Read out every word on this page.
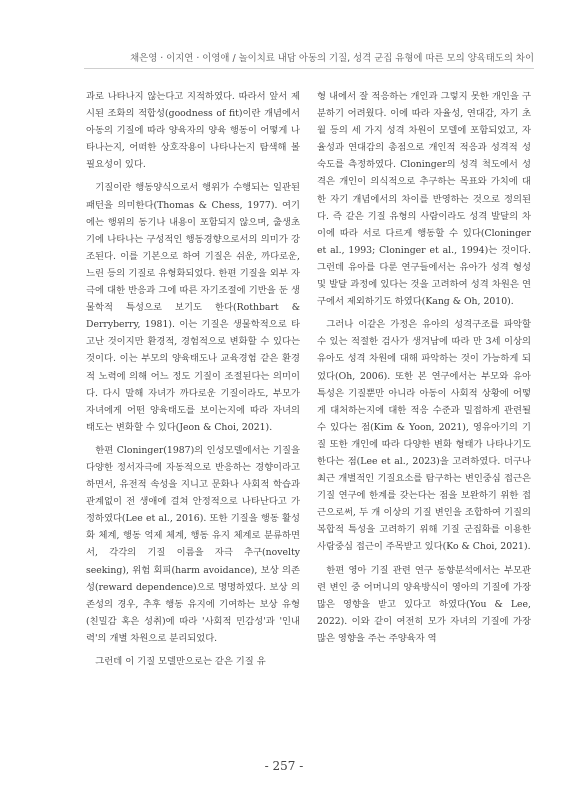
채은영 · 이지연 · 이영애 / 놀이치료 내담 아동의 기질, 성격 군집 유형에 따른 모의 양육태도의 차이

과로 나타나지 않는다고 지적하였다. 따라서 앞서 제시된 조화의 적합성(goodness of fit)이란 개념에서 아동의 기질에 따라 양육자의 양육 행동이 어떻게 나타나는지, 어떠한 상호작용이 나타나는지 탐색해 볼 필요성이 있다.

기질이란 행동양식으로서 행위가 수행되는 일관된 패턴을 의미한다(Thomas & Chess, 1977). 여기에는 행위의 동기나 내용이 포함되지 않으며, 출생초기에 나타나는 구성적인 행동경향으로서의 의미가 강조된다. 이를 기본으로 하여 기질은 쉬운, 까다로운, 느린 등의 기질로 유형화되었다. 한편 기질을 외부 자극에 대한 반응과 그에 따른 자기조절에 기반을 둔 생물학적 특성으로 보기도 한다(Rothbart & Derryberry, 1981). 이는 기질은 생물학적으로 타고난 것이지만 환경적, 경험적으로 변화할 수 있다는 것이다. 이는 부모의 양육태도나 교육경험 같은 환경적 노력에 의해 어느 정도 기질이 조절된다는 의미이다. 다시 말해 자녀가 까다로운 기질이라도, 부모가 자녀에게 어떤 양육태도를 보이는지에 따라 자녀의 태도는 변화할 수 있다(Jeon & Choi, 2021).

한편 Cloninger(1987)의 인성모델에서는 기질을 다양한 정서자극에 자동적으로 반응하는 경향이라고 하면서, 유전적 속성을 지니고 문화나 사회적 학습과 관계없이 전 생애에 걸쳐 안정적으로 나타난다고 가정하였다(Lee et al., 2016). 또한 기질을 행동 활성화 체계, 행동 억제 체계, 행동 유지 체계로 분류하면서, 각각의 기질 이름을 자극 추구(novelty seeking), 위험 회피(harm avoidance), 보상 의존성(reward dependence)으로 명명하였다. 보상 의존성의 경우, 추후 행동 유지에 기여하는 보상 유형(친밀감 혹은 성취)에 따라 '사회적 민감성'과 '인내력'의 개별 차원으로 분리되었다.

그런데 이 기질 모델만으로는 같은 기질 유

형 내에서 잘 적응하는 개인과 그렇지 못한 개인을 구분하기 어려웠다. 이에 따라 자율성, 연대감, 자기 초월 등의 세 가지 성격 차원이 모델에 포함되었고, 자율성과 연대감의 총점으로 개인적 적응과 성격적 성숙도를 측정하였다. Cloninger의 성격 척도에서 성격은 개인이 의식적으로 추구하는 목표와 가치에 대한 자기 개념에서의 차이를 반영하는 것으로 정의된다. 즉 같은 기질 유형의 사람이라도 성격 발달의 차이에 따라 서로 다르게 행동할 수 있다(Cloninger et al., 1993; Cloninger et al., 1994)는 것이다. 그런데 유아를 다룬 연구들에서는 유아가 성격 형성 및 발달 과정에 있다는 것을 고려하여 성격 차원은 연구에서 제외하기도 하였다(Kang & Oh, 2010).

그러나 이같은 가정은 유아의 성격구조를 파악할 수 있는 적절한 검사가 생겨남에 따라 만 3세 이상의 유아도 성격 차원에 대해 파악하는 것이 가능하게 되었다(Oh, 2006). 또한 본 연구에서는 부모와 유아 특성은 기질뿐만 아니라 아동이 사회적 상황에 어떻게 대처하는지에 대한 적응 수준과 밀접하게 관련될 수 있다는 점(Kim & Yoon, 2021), 영유아기의 기질 또한 개인에 따라 다양한 변화 형태가 나타나기도 한다는 점(Lee et al., 2023)을 고려하였다. 더구나 최근 개별적인 기질요소를 탐구하는 변인중심 접근은 기질 연구에 한계를 갖는다는 점을 보완하기 위한 접근으로써, 두 개 이상의 기질 변인을 조합하여 기질의 복합적 특성을 고려하기 위해 기질 군집화를 이용한 사람중심 접근이 주목받고 있다(Ko & Choi, 2021).

한편 영아 기질 관련 연구 동향분석에서는 부모관련 변인 중 어머니의 양육방식이 영아의 기질에 가장 많은 영향을 받고 있다고 하였다(You & Lee, 2022). 이와 같이 여전히 모가 자녀의 기질에 가장 많은 영향을 주는 주양육자 역

- 257 -
